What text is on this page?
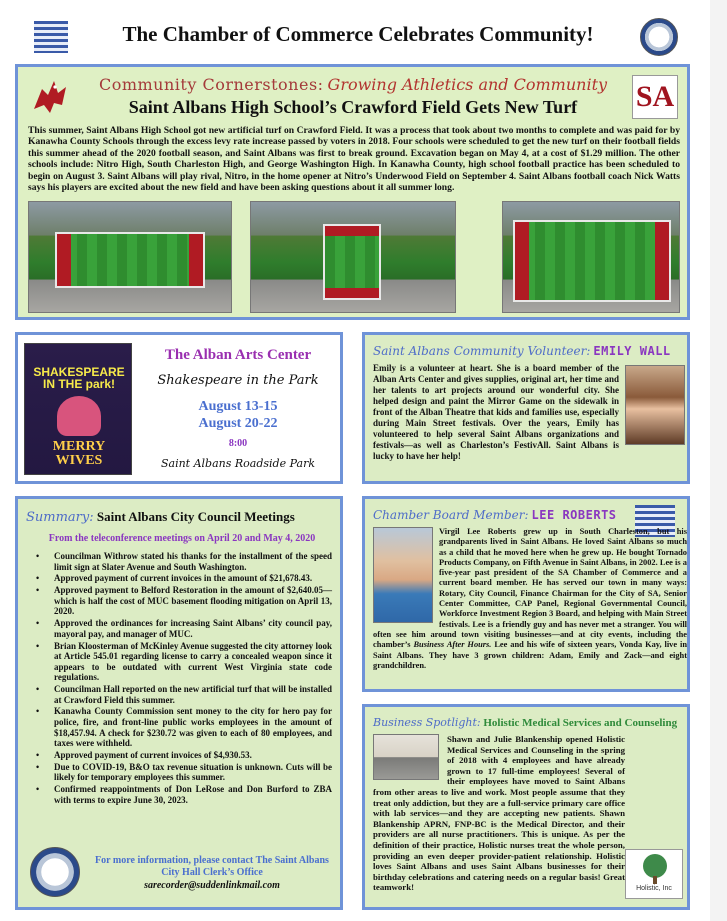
The Chamber of Commerce Celebrates Community!
Community Cornerstones: Growing Athletics and Community
Saint Albans High School’s Crawford Field Gets New Turf	SA
This summer, Saint Albans High School got new artificial turf on Crawford Field. It was a process that took about two months to complete and was paid for by Kanawha County Schools through the excess levy rate increase passed by voters in 2018. Four schools were scheduled to get the new turf on their football fields this summer ahead of the 2020 football season, and Saint Albans was first to break ground. Excavation began on May 4, at a cost of $1.29 million. The other schools include: Nitro High, South Charleston High, and George Washington High. In Kanawha County, high school football practice has been scheduled to begin on August 3. Saint Albans will play rival, Nitro, in the home opener at Nitro’s Underwood Field on September 4. Saint Albans football coach Nick Watts says his players are excited about the new field and have been asking questions about it all summer long.
SHAKESPEARE IN THE park!
MERRY WIVES
The Alban Arts Center
Shakespeare in the Park
August 13-15
August 20-22
8:00
Saint Albans Roadside Park
Saint Albans Community Volunteer: EMILY WALL
Emily is a volunteer at heart. She is a board member of the Alban Arts Center and gives supplies, original art, her time and her talents to art projects around our wonderful city. She helped design and paint the Mirror Game on the sidewalk in front of the Alban Theatre that kids and families use, especially during Main Street festivals. Over the years, Emily has volunteered to help several Saint Albans organizations and festivals—as well as Charleston’s FestivAll. Saint Albans is lucky to have her help!
Summary: Saint Albans City Council Meetings
From the teleconference meetings on April 20 and May 4, 2020
• Councilman Withrow stated his thanks for the installment of the speed limit sign at Slater Avenue and South Washington.
• Approved payment of current invoices in the amount of $21,678.43.
• Approved payment to Belford Restoration in the amount of $2,640.05—which is half the cost of MUC basement flooding mitigation on April 13, 2020.
• Approved the ordinances for increasing Saint Albans’ city council pay, mayoral pay, and manager of MUC.
• Brian Kloosterman of McKinley Avenue suggested the city attorney look at Article 545.01 regarding license to carry a concealed weapon since it appears to be outdated with current West Virginia state code regulations.
• Councilman Hall reported on the new artificial turf that will be installed at Crawford Field this summer.
• Kanawha County Commission sent money to the city for hero pay for police, fire, and front-line public works employees in the amount of $18,457.94. A check for $230.72 was given to each of 80 employees, and taxes were withheld.
• Approved payment of current invoices of $4,930.53.
• Due to COVID-19, B&O tax revenue situation is unknown. Cuts will be likely for temporary employees this summer.
• Confirmed reappointments of Don LeRose and Don Burford to ZBA with terms to expire June 30, 2023.
For more information, please contact The Saint Albans City Hall Clerk’s Office
sarecorder@suddenlinkmail.com
Chamber Board Member: LEE ROBERTS
Virgil Lee Roberts grew up in South Charleston, but his grandparents lived in Saint Albans. He loved Saint Albans so much as a child that he moved here when he grew up. He bought Tornado Products Company, on Fifth Avenue in Saint Albans, in 2002. Lee is a five-year past president of the SA Chamber of Commerce and a current board member. He has served our town in many ways: Rotary, City Council, Finance Chairman for the City of SA, Senior Center Committee, CAP Panel, Regional Governmental Council, Workforce Investment Region 3 Board, and helping with Main Street festivals. Lee is a friendly guy and has never met a stranger. You will often see him around town visiting businesses—and at city events, including the chamber’s Business After Hours. Lee and his wife of sixteen years, Vonda Kay, live in Saint Albans. They have 3 grown children: Adam, Emily and Zack—and eight grandchildren.
Business Spotlight: Holistic Medical Services and Counseling
Holistic, Inc
Shawn and Julie Blankenship opened Holistic Medical Services and Counseling in the spring of 2018 with 4 employees and have already grown to 17 full-time employees! Several of their employees have moved to Saint Albans from other areas to live and work. Most people assume that they treat only addiction, but they are a full-service primary care office with lab services—and they are accepting new patients. Shawn Blankenship APRN, FNP-BC is the Medical Director, and their providers are all nurse practitioners. This is unique. As per the definition of their practice, Holistic nurses treat the whole person, providing an even deeper provider-patient relationship. Holistic loves Saint Albans and uses Saint Albans businesses for their birthday celebrations and catering needs on a regular basis! Great teamwork!
